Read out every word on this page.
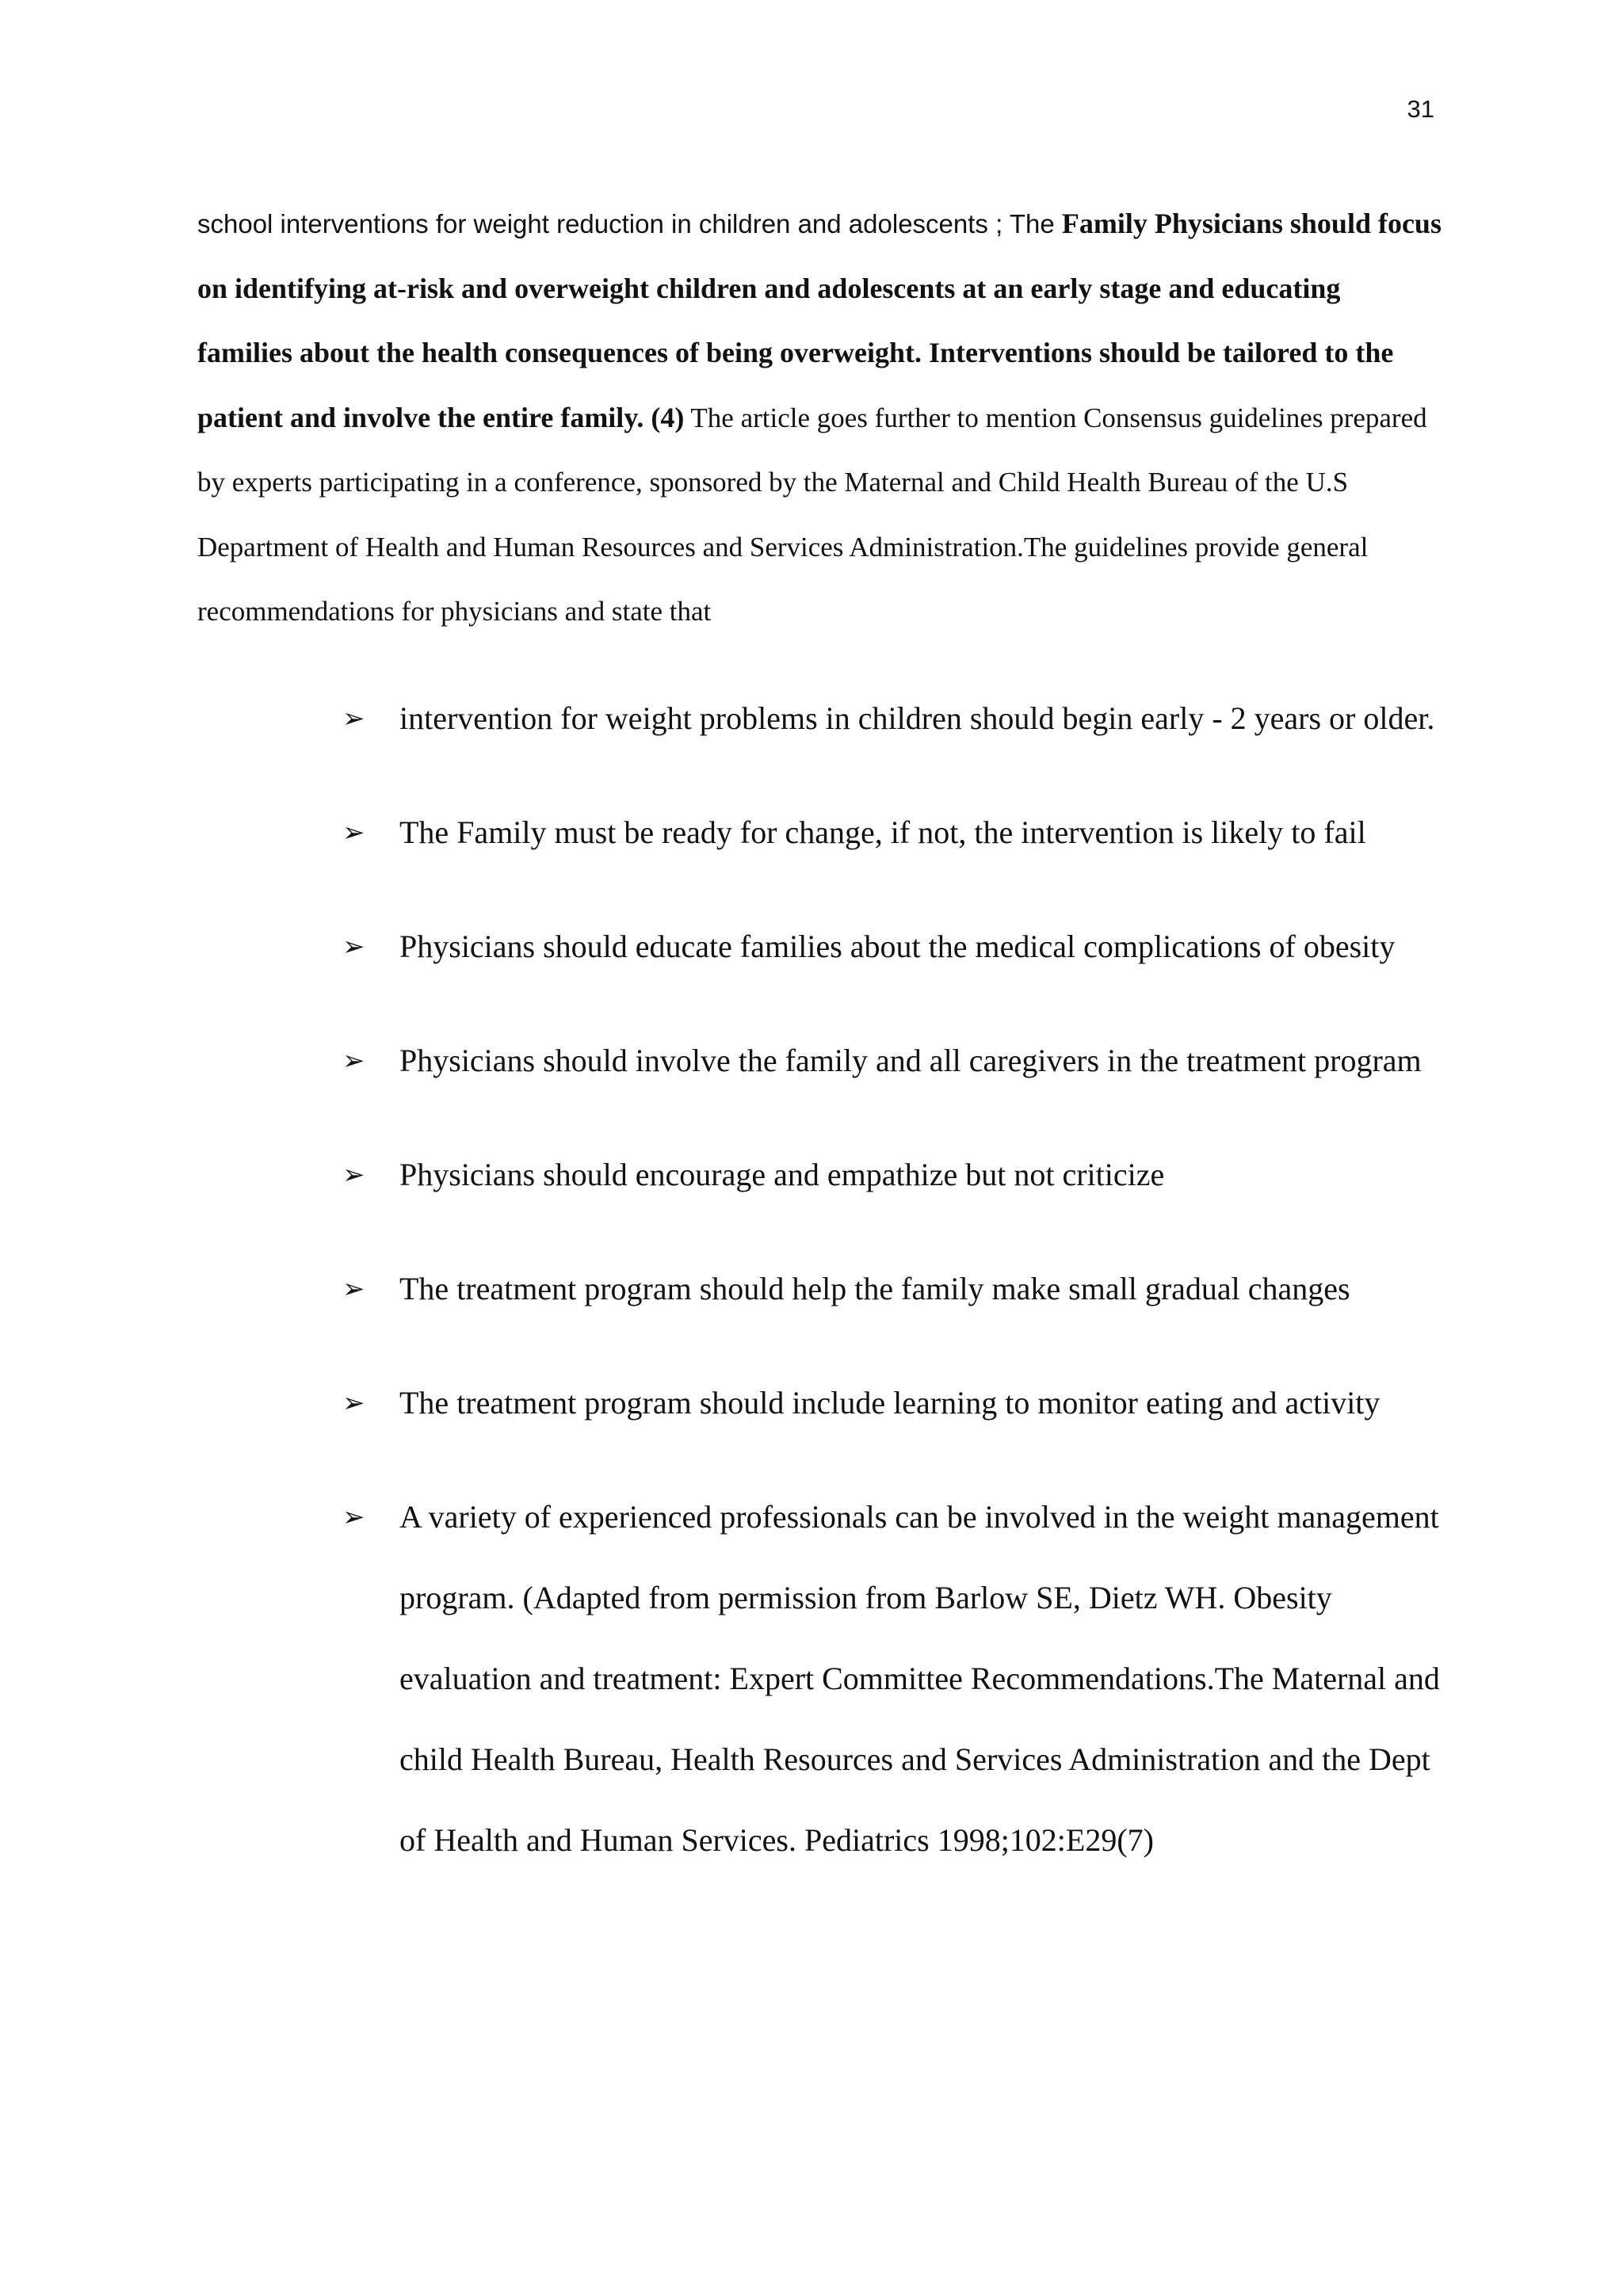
31

school interventions for weight reduction in children and adolescents ; The Family Physicians should focus on identifying at-risk and overweight children and adolescents at an early stage and educating families about the health consequences of being overweight. Interventions should be tailored to the patient and involve the entire family. (4) The article goes further to mention Consensus guidelines prepared by experts participating in a conference, sponsored by the Maternal and Child Health Bureau of the U.S Department of Health and Human Resources and Services Administration.The guidelines provide general recommendations for physicians and state that

➢ intervention for weight problems in children should begin early - 2 years or older.
➢ The Family must be ready for change, if not, the intervention is likely to fail
➢ Physicians should educate families about the medical complications of obesity
➢ Physicians should involve the family and all caregivers in the treatment program
➢ Physicians should encourage and empathize but not criticize
➢ The treatment program should help the family make small gradual changes
➢ The treatment program should include learning to monitor eating and activity
➢ A variety of experienced professionals can be involved in the weight management program. (Adapted from permission from Barlow SE, Dietz WH. Obesity evaluation and treatment: Expert Committee Recommendations.The Maternal and child Health Bureau, Health Resources and Services Administration and the Dept of Health and Human Services. Pediatrics 1998;102:E29(7)
